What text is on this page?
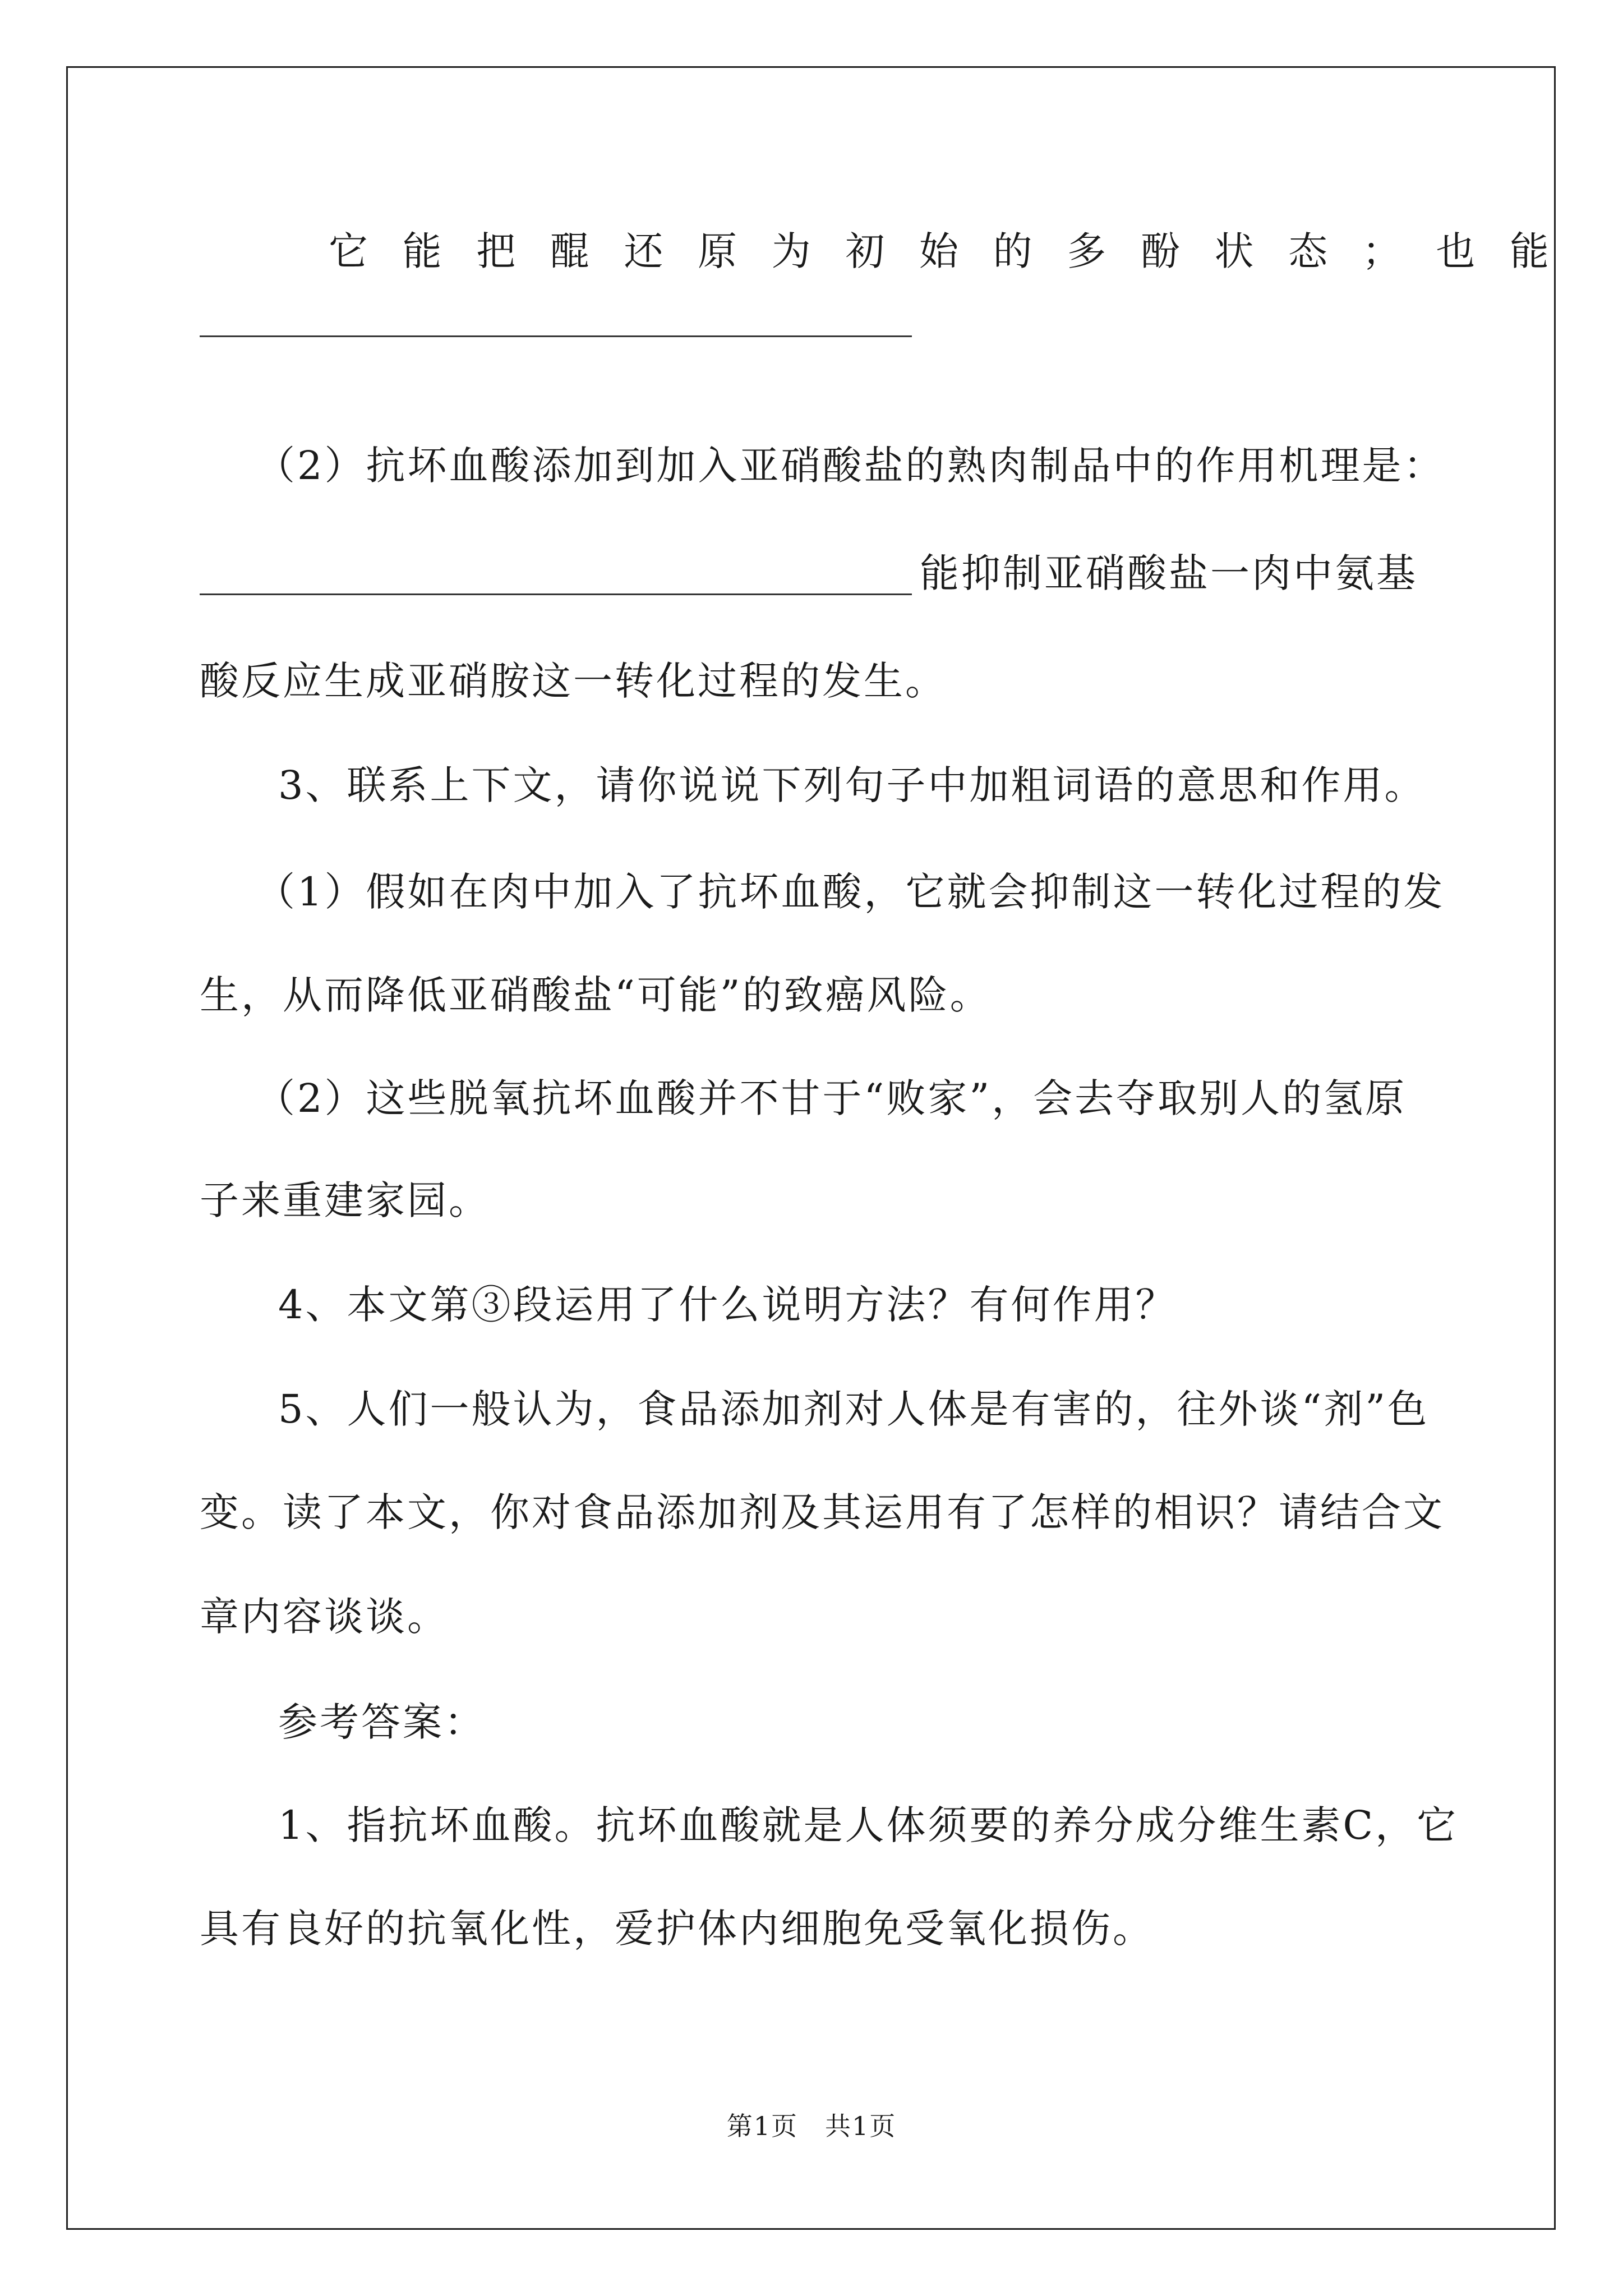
它 能 把 醌 还 原 为 初 始 的 多 酚 状 态 ； 也 能
（2）抗坏血酸添加到加入亚硝酸盐的熟肉制品中的作用机理是：
能抑制亚硝酸盐一肉中氨基
酸反应生成亚硝胺这一转化过程的发生。
3、联系上下文，请你说说下列句子中加粗词语的意思和作用。
（1）假如在肉中加入了抗坏血酸，它就会抑制这一转化过程的发
生，从而降低亚硝酸盐“可能”的致癌风险。
（2）这些脱氧抗坏血酸并不甘于“败家”，会去夺取别人的氢原
子来重建家园。
4、本文第③段运用了什么说明方法？有何作用？
5、人们一般认为，食品添加剂对人体是有害的，往外谈“剂”色
变。读了本文，你对食品添加剂及其运用有了怎样的相识？请结合文
章内容谈谈。
参考答案：
1、指抗坏血酸。抗坏血酸就是人体须要的养分成分维生素C，它
具有良好的抗氧化性，爱护体内细胞免受氧化损伤。
第1页　共1页
